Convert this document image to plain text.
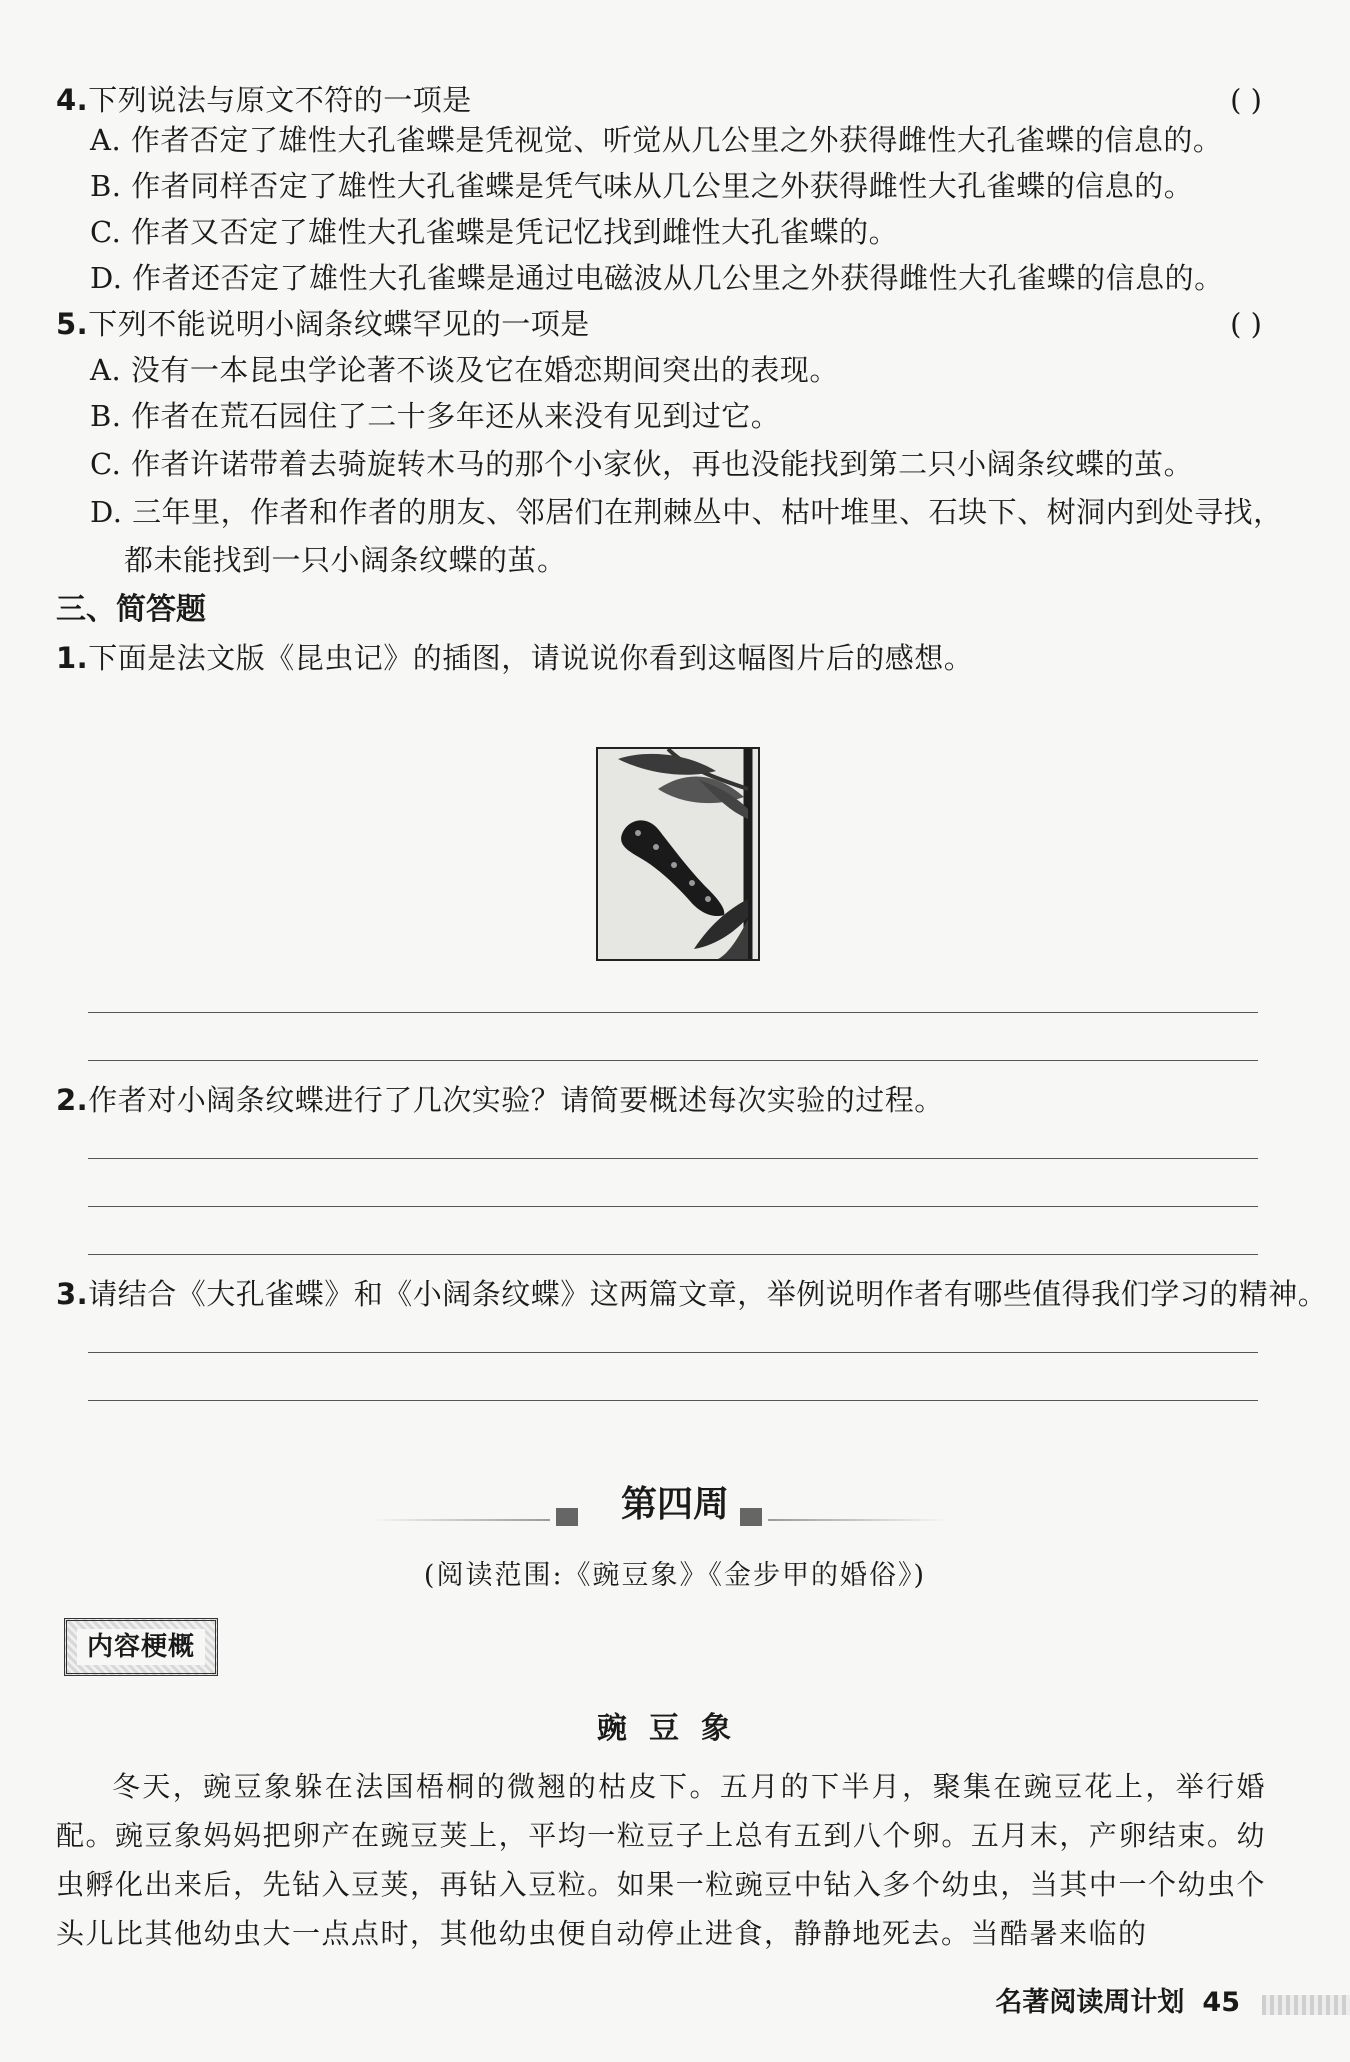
4.下列说法与原文不符的一项是	( )
A. 作者否定了雄性大孔雀蝶是凭视觉、听觉从几公里之外获得雌性大孔雀蝶的信息的。
B. 作者同样否定了雄性大孔雀蝶是凭气味从几公里之外获得雌性大孔雀蝶的信息的。
C. 作者又否定了雄性大孔雀蝶是凭记忆找到雌性大孔雀蝶的。
D. 作者还否定了雄性大孔雀蝶是通过电磁波从几公里之外获得雌性大孔雀蝶的信息的。
5.下列不能说明小阔条纹蝶罕见的一项是	( )
A. 没有一本昆虫学论著不谈及它在婚恋期间突出的表现。
B. 作者在荒石园住了二十多年还从来没有见到过它。
C. 作者许诺带着去骑旋转木马的那个小家伙，再也没能找到第二只小阔条纹蝶的茧。
D. 三年里，作者和作者的朋友、邻居们在荆棘丛中、枯叶堆里、石块下、树洞内到处寻找，
都未能找到一只小阔条纹蝶的茧。
三、简答题
1.下面是法文版《昆虫记》的插图，请说说你看到这幅图片后的感想。
2.作者对小阔条纹蝶进行了几次实验？请简要概述每次实验的过程。
3.请结合《大孔雀蝶》和《小阔条纹蝶》这两篇文章，举例说明作者有哪些值得我们学习的精神。
第四周
(阅读范围:《豌豆象》《金步甲的婚俗》)
内容梗概
豌豆象
冬天，豌豆象躲在法国梧桐的微翘的枯皮下。五月的下半月，聚集在豌豆花上，举行婚配。豌豆象妈妈把卵产在豌豆荚上，平均一粒豆子上总有五到八个卵。五月末，产卵结束。幼虫孵化出来后，先钻入豆荚，再钻入豆粒。如果一粒豌豆中钻入多个幼虫，当其中一个幼虫个头儿比其他幼虫大一点点时，其他幼虫便自动停止进食，静静地死去。当酷暑来临的
名著阅读周计划 45
